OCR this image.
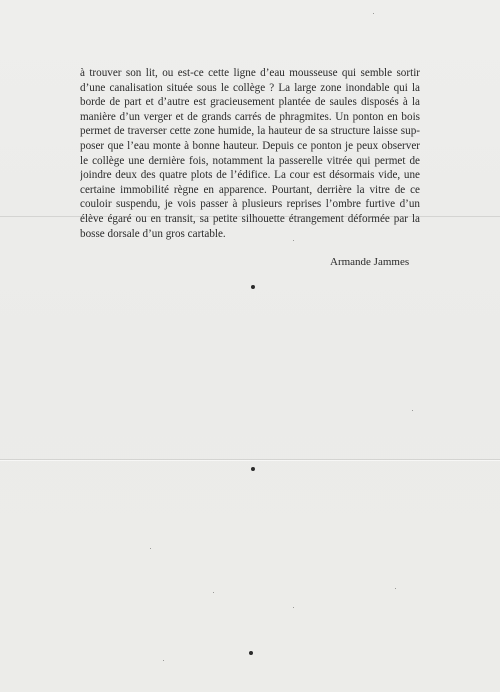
à trouver son lit, ou est-ce cette ligne d’eau mousseuse qui semble sortir
d’une canalisation située sous le collège ? La large zone inondable qui la
borde de part et d’autre est gracieusement plantée de saules disposés à la
manière d’un verger et de grands carrés de phragmites. Un ponton en bois
permet de traverser cette zone humide, la hauteur de sa structure laisse sup-
poser que l’eau monte à bonne hauteur. Depuis ce ponton je peux observer
le collège une dernière fois, notamment la passerelle vitrée qui permet de
joindre deux des quatre plots de l’édifice. La cour est désormais vide, une
certaine immobilité règne en apparence. Pourtant, derrière la vitre de ce
couloir suspendu, je vois passer à plusieurs reprises l’ombre furtive d’un
élève égaré ou en transit, sa petite silhouette étrangement déformée par la
bosse dorsale d’un gros cartable.
Armande Jammes
